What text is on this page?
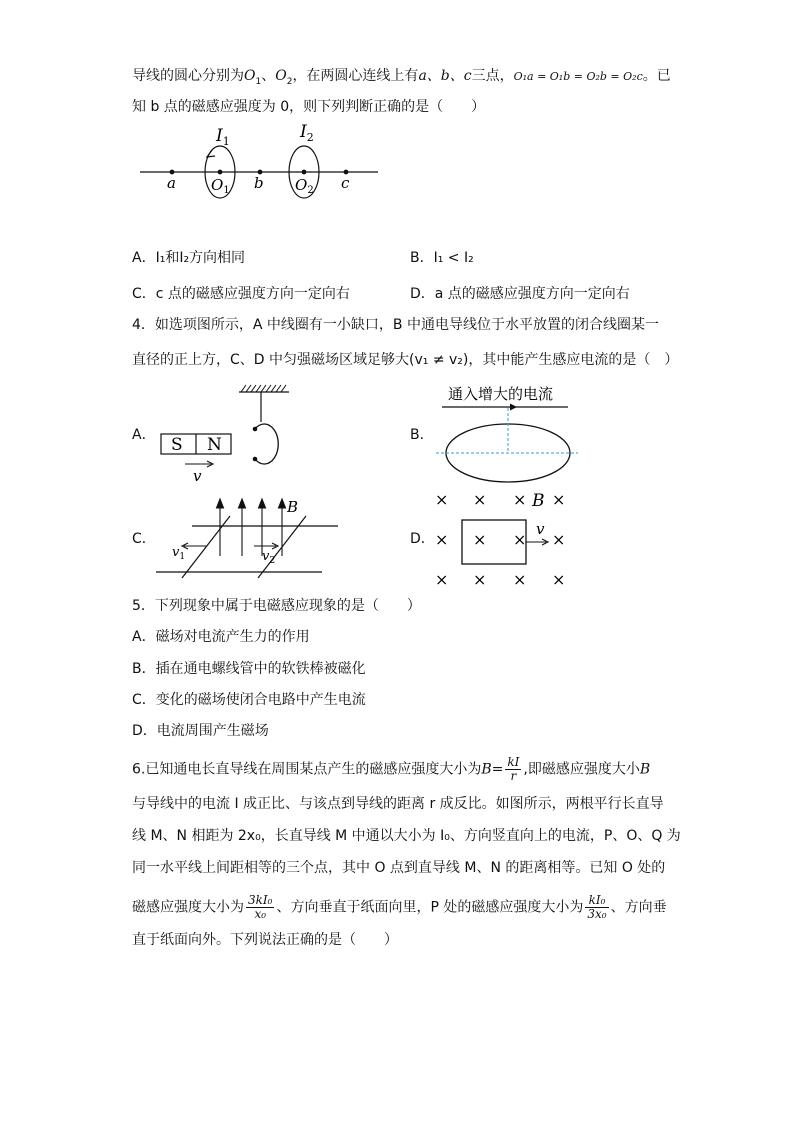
导线的圆心分别为$O_1$、$O_2$，在两圆心连线上有a、b、c三点，O₁a = O₁b = O₂b = O₂c。已
知 b 点的磁感应强度为 0，则下列判断正确的是（　　）
$I_1$	$I_2$
a $O_1$ b $O_2$ c
A．I₁和I₂方向相同	B．I₁ < I₂
C．c 点的磁感应强度方向一定向右	D．a 点的磁感应强度方向一定向右
4．如选项图所示，A 中线圈有一小缺口，B 中通电导线位于水平放置的闭合线圈某一
直径的正上方，C、D 中匀强磁场区域足够大(v₁ ≠ v₂)，其中能产生感应电流的是（　）
A．	B．
C．	D．
S N
v
通入增大的电流
B
$v_1$	$v_2$
× × × ×
× × × ×
× × × ×
B
v
5．下列现象中属于电磁感应现象的是（　　）
A．磁场对电流产生力的作用
B．插在通电螺线管中的软铁棒被磁化
C．变化的磁场使闭合电路中产生电流
D．电流周围产生磁场
6.已知通电长直导线在周围某点产生的磁感应强度大小为$B= \frac{kI}{r}$ ,即磁感应强度大小B
与导线中的电流 I 成正比、与该点到导线的距离 r 成反比。如图所示，两根平行长直导
线 M、N 相距为 2x₀，长直导线 M 中通以大小为 I₀、方向竖直向上的电流，P、O、Q 为
同一水平线上间距相等的三个点，其中 O 点到直导线 M、N 的距离相等。已知 O 处的
磁感应强度大小为 $\frac{\text{3kI₀}}{\text{x₀}}$ 、方向垂直于纸面向里，P 处的磁感应强度大小为 $\frac{\text{kI₀}}{\text{3x₀}}$ 、方向垂
直于纸面向外。下列说法正确的是（　　）
